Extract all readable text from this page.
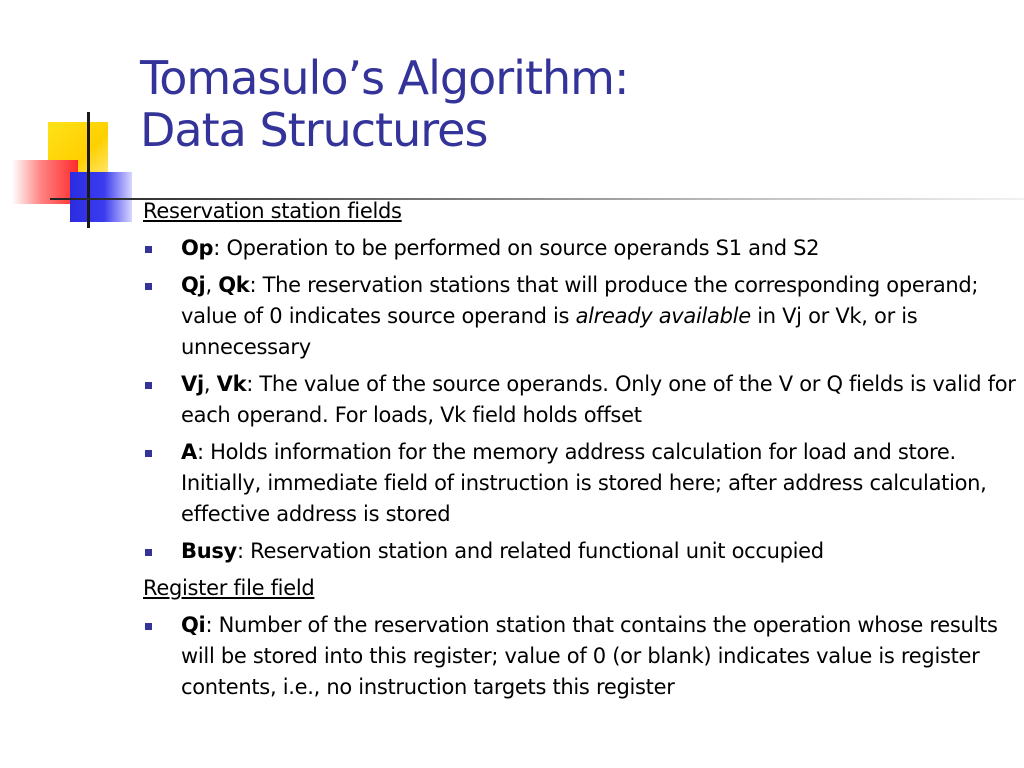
Tomasulo’s Algorithm:
Data Structures
Reservation station fields
Op: Operation to be performed on source operands S1 and S2
Qj, Qk: The reservation stations that will produce the corresponding operand; value of 0 indicates source operand is already available in Vj or Vk, or is unnecessary
Vj, Vk: The value of the source operands. Only one of the V or Q fields is valid for each operand. For loads, Vk field holds offset
A: Holds information for the memory address calculation for load and store. Initially, immediate field of instruction is stored here; after address calculation, effective address is stored
Busy: Reservation station and related functional unit occupied
Register file field
Qi: Number of the reservation station that contains the operation whose results will be stored into this register; value of 0 (or blank) indicates value is register contents, i.e., no instruction targets this register
